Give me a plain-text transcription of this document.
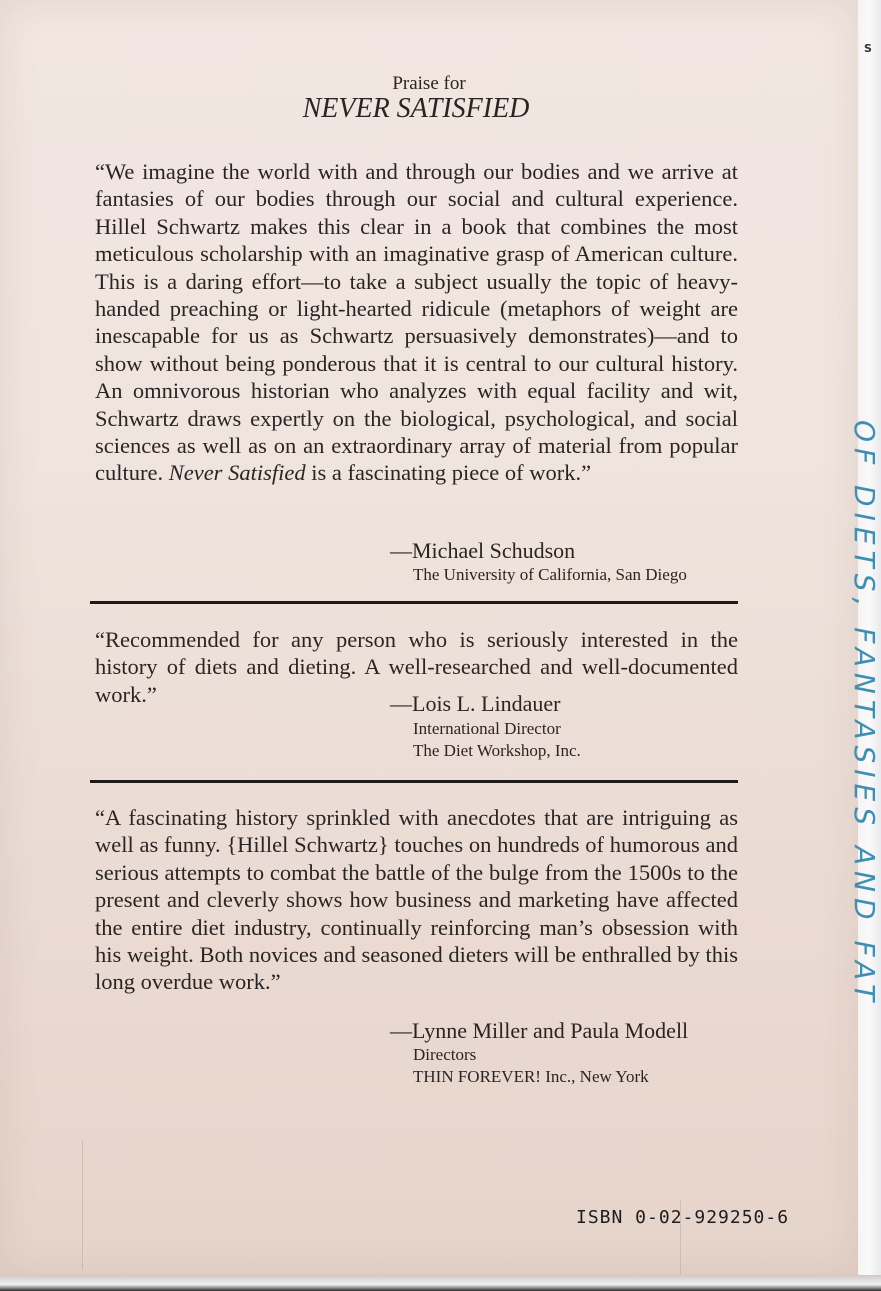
Praise for
NEVER SATISFIED
“We imagine the world with and through our bodies and we arrive at fantasies of our bodies through our social and cultural experience. Hillel Schwartz makes this clear in a book that combines the most meticulous scholarship with an imaginative grasp of American culture. This is a daring effort—to take a subject usually the topic of heavy-handed preaching or light-hearted ridicule (metaphors of weight are inescapable for us as Schwartz persuasively demonstrates)—and to show without being ponderous that it is central to our cultural history. An omnivorous historian who analyzes with equal facility and wit, Schwartz draws expertly on the biological, psychological, and social sciences as well as on an extraordinary array of material from popular culture. Never Satisfied is a fascinating piece of work.”
—Michael Schudson
The University of California, San Diego
“Recommended for any person who is seriously interested in the history of diets and dieting. A well-researched and well-documented work.”	—Lois L. Lindauer
International Director
The Diet Workshop, Inc.
“A fascinating history sprinkled with anecdotes that are intriguing as well as funny. {Hillel Schwartz} touches on hundreds of humorous and serious attempts to combat the battle of the bulge from the 1500s to the present and cleverly shows how business and marketing have affected the entire diet industry, continually reinforcing man’s obsession with his weight. Both novices and seasoned dieters will be enthralled by this long overdue work.”
—Lynne Miller and Paula Modell
Directors
THIN FOREVER! Inc., New York
ISBN 0-02-929250-6
S
OF DIETS, FANTASIES AND FAT
